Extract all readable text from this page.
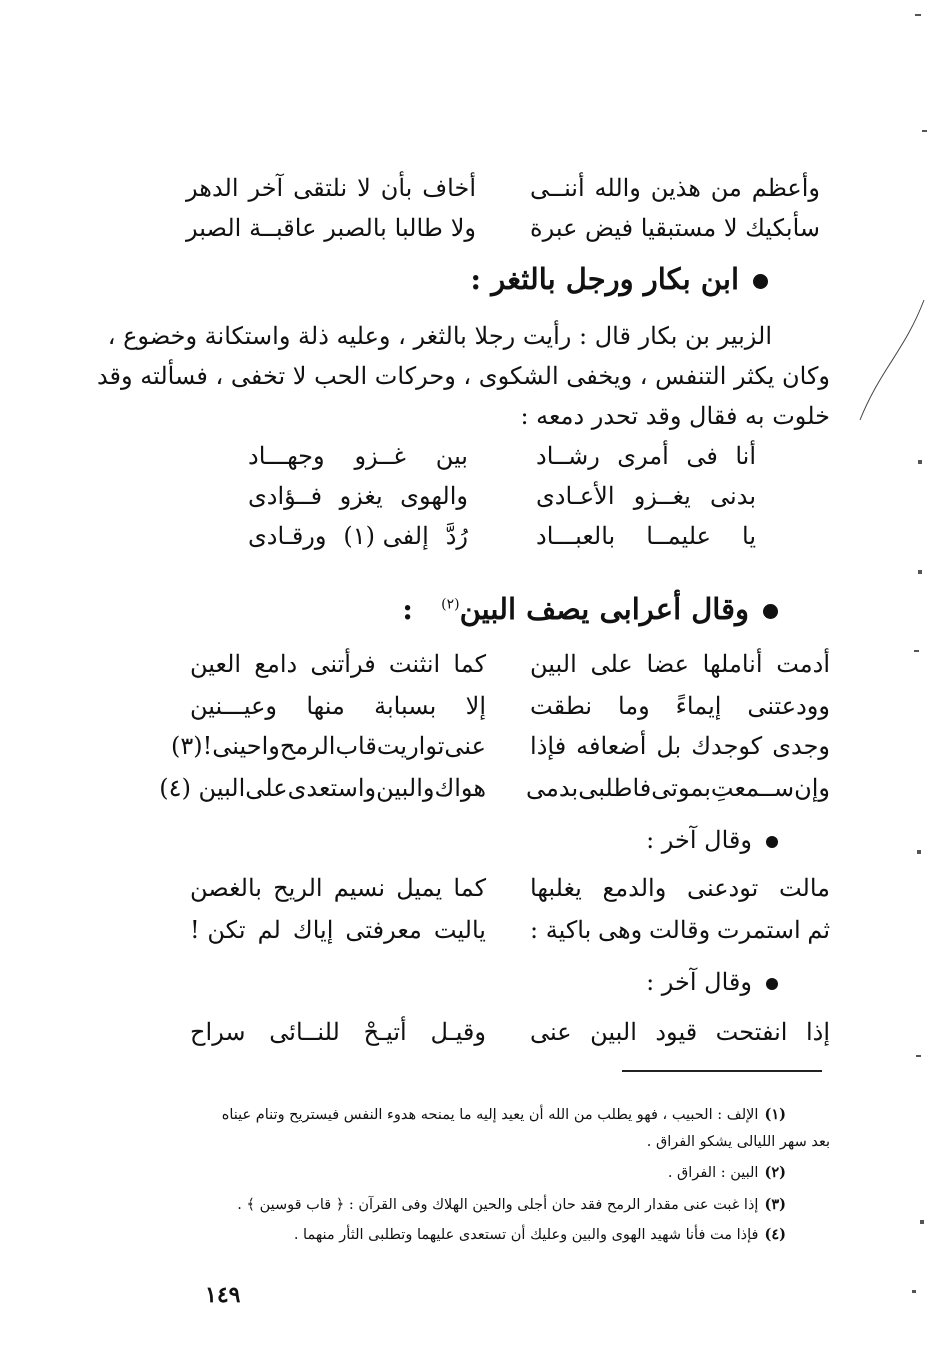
وأعظم
من
هذين
والله
أننــى
أخاف
بأن
لا
نلتقى
آخر
الدهر
سأبكيك
لا
مستبقيا
فيض
عبرة
ولا
طالبا
بالصبر
عاقبــة
الصبر
ابن بكار ورجل بالثغر :
الزبير بن بكار قال : رأيت رجلا بالثغر ، وعليه ذلة واستكانة وخضوع ،
وكان يكثر التنفس ، ويخفى الشكوى ، وحركات الحب لا تخفى ، فسألته وقد
خلوت به فقال وقد تحدر دمعه :
أنا
فى
أمرى
رشــاد
بين
غــزو
وجهـــاد
بدنى
يغــزو
الأعـادى
والهوى
يغزو
فــؤادى
يا
عليمــا
بالعبـــاد
رُدَّ
إلفى (١)
ورقـادى
وقال أعرابى يصف البين$^{(٢)}$ :
أدمت
أناملها
عضا
على
البين
كما
انثنت
فرأتنى
دامع
العين
وودعتنى
إيماءً
وما
نطقت
إلا
بسبابة
منها
وعيـــنين
وجدى
كوجدك
بل
أضعافه
فإذا
عنى
تواريت
قاب
الرمح
واحينى!(٣)
وإن
ســمعتِ
بموتى
فاطلبى
بدمى
هواك
والبين
واستعدى
على
البين (٤)
وقال آخر :
مالت
تودعنى
والدمع
يغلبها
كما
يميل
نسيم
الريح
بالغصن
ثم
استمرت
وقالت
وهى
باكية :
ياليت
معرفتى
إياك
لم
تكن !
وقال آخر :
إذا
انفتحت
قيود
البين
عنى
وقيـل
أتيـحْ
للنــائى
سراح
(١)الإلف : الحبيب ، فهو يطلب من الله أن يعيد إليه ما يمنحه هدوء النفس فيستريح وتنام عيناه
بعد سهر الليالى يشكو الفراق .
(٢)البين : الفراق .
(٣)إذا غبت عنى مقدار الرمح فقد حان أجلى والحين الهلاك وفى القرآن : ﴿ قاب قوسين ﴾ .
(٤)فإذا مت فأنا شهيد الهوى والبين وعليك أن تستعدى عليهما وتطلبى الثأر منهما .
١٤٩
